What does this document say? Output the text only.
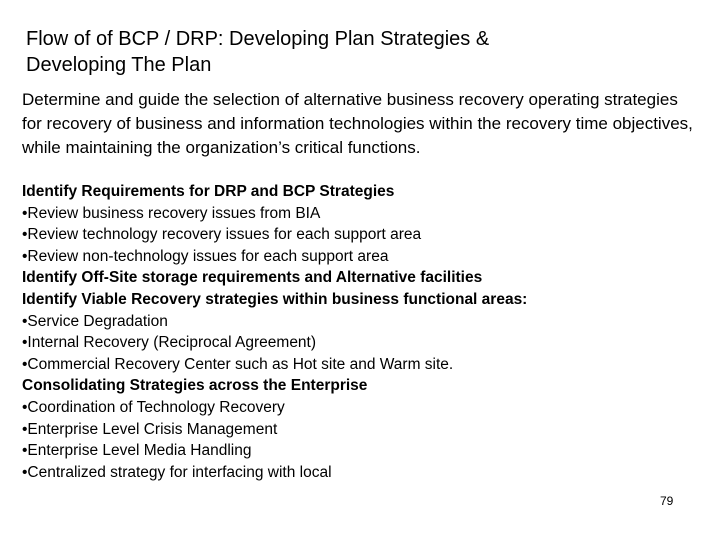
Flow of of BCP / DRP: Developing Plan Strategies &
Developing The Plan

Determine and guide the selection of alternative business recovery operating strategies for recovery of business and information technologies within the recovery time objectives, while maintaining the organization’s critical functions.

Identify Requirements for DRP and BCP Strategies
•Review business recovery issues from BIA
•Review technology recovery issues for each support area
•Review non-technology issues for each support area
Identify Off-Site storage requirements and Alternative facilities
Identify Viable Recovery strategies within business functional areas:
•Service Degradation
•Internal Recovery (Reciprocal Agreement)
•Commercial Recovery Center such as Hot site and Warm site.
Consolidating Strategies across the Enterprise
•Coordination of Technology Recovery
•Enterprise Level Crisis Management
•Enterprise Level Media Handling
•Centralized strategy for interfacing with local
79
